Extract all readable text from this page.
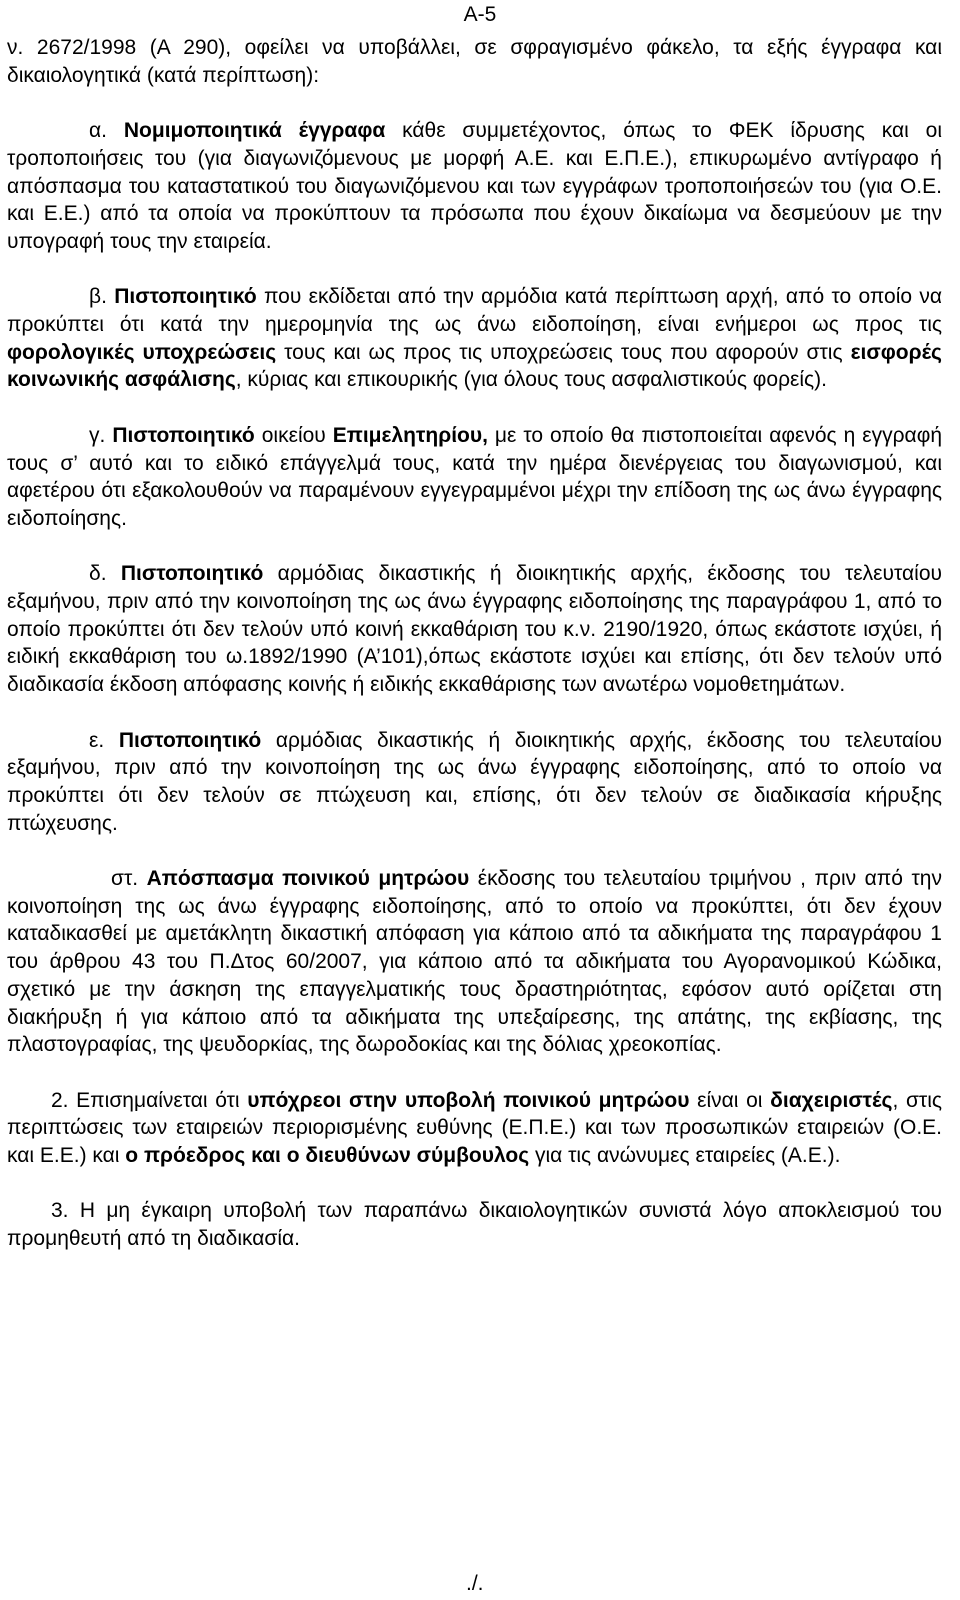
A-5

ν. 2672/1998 (Α 290), οφείλει να υποβάλλει, σε σφραγισμένο φάκελο, τα εξής έγγραφα και δικαιολογητικά (κατά περίπτωση):

α. Νομιμοποιητικά έγγραφα κάθε συμμετέχοντος, όπως το ΦΕΚ ίδρυσης και οι τροποποιήσεις του (για διαγωνιζόμενους με μορφή Α.Ε. και Ε.Π.Ε.), επικυρωμένο αντίγραφο ή απόσπασμα του καταστατικού του διαγωνιζόμενου και των εγγράφων τροποποιήσεών του (για Ο.Ε. και Ε.Ε.) από τα οποία να προκύπτουν τα πρόσωπα που έχουν δικαίωμα να δεσμεύουν με την υπογραφή τους την εταιρεία.

β. Πιστοποιητικό που εκδίδεται από την αρμόδια κατά περίπτωση αρχή, από το οποίο να προκύπτει ότι κατά την ημερομηνία της ως άνω ειδοποίηση, είναι ενήμεροι ως προς τις φορολογικές υποχρεώσεις τους και ως προς τις υποχρεώσεις τους που αφορούν στις εισφορές κοινωνικής ασφάλισης, κύριας και επικουρικής (για όλους τους ασφαλιστικούς φορείς).

γ. Πιστοποιητικό οικείου Επιμελητηρίου, με το οποίο θα πιστοποιείται αφενός η εγγραφή τους σ’ αυτό και το ειδικό επάγγελμά τους, κατά την ημέρα διενέργειας του διαγωνισμού, και αφετέρου ότι εξακολουθούν να παραμένουν εγγεγραμμένοι μέχρι την επίδοση της ως άνω έγγραφης ειδοποίησης.

δ. Πιστοποιητικό αρμόδιας δικαστικής ή διοικητικής αρχής, έκδοσης του τελευταίου εξαμήνου, πριν από την κοινοποίηση της ως άνω έγγραφης ειδοποίησης της παραγράφου 1, από το οποίο προκύπτει ότι δεν τελούν υπό κοινή εκκαθάριση του κ.ν. 2190/1920, όπως εκάστοτε ισχύει, ή ειδική εκκαθάριση του ω.1892/1990 (Α’101),όπως εκάστοτε ισχύει και επίσης, ότι δεν τελούν υπό διαδικασία έκδοση απόφασης κοινής ή ειδικής εκκαθάρισης των ανωτέρω νομοθετημάτων.

ε. Πιστοποιητικό αρμόδιας δικαστικής ή διοικητικής αρχής, έκδοσης του τελευταίου εξαμήνου, πριν από την κοινοποίηση της ως άνω έγγραφης ειδοποίησης, από το οποίο να προκύπτει ότι δεν τελούν σε πτώχευση και, επίσης, ότι δεν τελούν σε διαδικασία κήρυξης πτώχευσης.

στ. Απόσπασμα ποινικού μητρώου έκδοσης του τελευταίου τριμήνου , πριν από την κοινοποίηση της ως άνω έγγραφης ειδοποίησης, από το οποίο να προκύπτει, ότι δεν έχουν καταδικασθεί με αμετάκλητη δικαστική απόφαση για κάποιο από τα αδικήματα της παραγράφου 1 του άρθρου 43 του Π.Δτος 60/2007, για κάποιο από τα αδικήματα του Αγορανομικού Κώδικα, σχετικό με την άσκηση της επαγγελματικής τους δραστηριότητας, εφόσον αυτό ορίζεται στη διακήρυξη ή για κάποιο από τα αδικήματα της υπεξαίρεσης, της απάτης, της εκβίασης, της πλαστογραφίας, της ψευδορκίας, της δωροδοκίας και της δόλιας χρεοκοπίας.

2. Επισημαίνεται ότι υπόχρεοι στην υποβολή ποινικού μητρώου είναι οι διαχειριστές, στις περιπτώσεις των εταιρειών περιορισμένης ευθύνης (Ε.Π.Ε.) και των προσωπικών εταιρειών (Ο.Ε. και Ε.Ε.) και ο πρόεδρος και ο διευθύνων σύμβουλος για τις ανώνυμες εταιρείες (Α.Ε.).

3. Η μη έγκαιρη υποβολή των παραπάνω δικαιολογητικών συνιστά λόγο αποκλεισμού του προμηθευτή από τη διαδικασία.

./.
